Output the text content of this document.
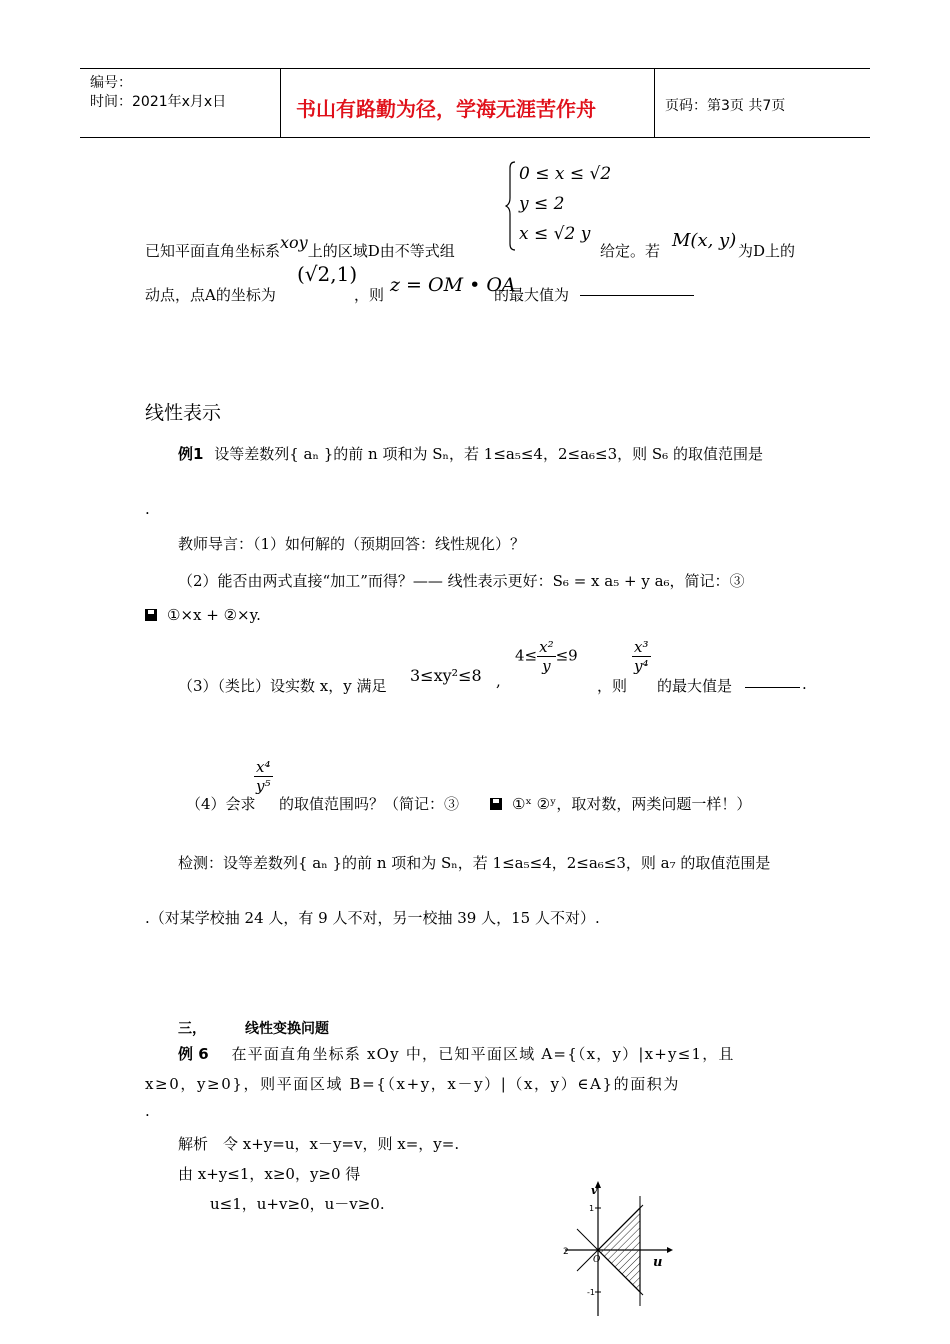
编号：
时间：2021年x月x日	书山有路勤为径，学海无涯苦作舟	页码：第3页 共7页
0 ≤ x ≤ √2
y ≤ 2
x ≤ √2 y
已知平面直角坐标系xoy上的区域D由不等式组	给定。若 M(x, y) 为D上的
动点，点A的坐标为
(√2,1)
，则 z = OM • OA
的最大值为
线性表示
例1 设等差数列{ aₙ }的前 n 项和为 Sₙ，若 1≤a₅≤4，2≤a₆≤3，则 S₆ 的取值范围是
.
教师导言：（1）如何解的（预期回答：线性规化）？
（2）能否由两式直接“加工”而得？—— 线性表示更好：S₆ = x a₅ + y a₆，简记：③
①×x + ②×y.
（3）（类比）设实数 x，y 满足
3≤xy²≤8 ,
$4\le \frac{\text{x²}}{y} \le 9$
，则
$\frac{\text{x³}}{\text{y⁴}}$
的最大值是	.
（4）会求
$\frac{\text{x⁴}}{\text{y⁵}}$
的取值范围吗？（简记：③	①ˣ ②ʸ，取对数，两类问题一样！）
检测：设等差数列{ aₙ }的前 n 项和为 Sₙ，若 1≤a₅≤4，2≤a₆≤3，则 a₇ 的取值范围是
.（对某学校抽 24 人，有 9 人不对，另一校抽 39 人，15 人不对）.
三，	线性变换问题
例 6 在平面直角坐标系 xOy 中，已知平面区域 A={（x，y）|x+y≤1，且
x≥0，y≥0}，则平面区域 B={（x+y，x－y）|（x，y）∈A}的面积为
.
解析　令 x+y=u，x－y=v，则 x=，y=.
由 x+y≤1，x≥0，y≥0 得
u≤1，u+v≥0，u－v≥0.
v
u
O
1
-1
2
